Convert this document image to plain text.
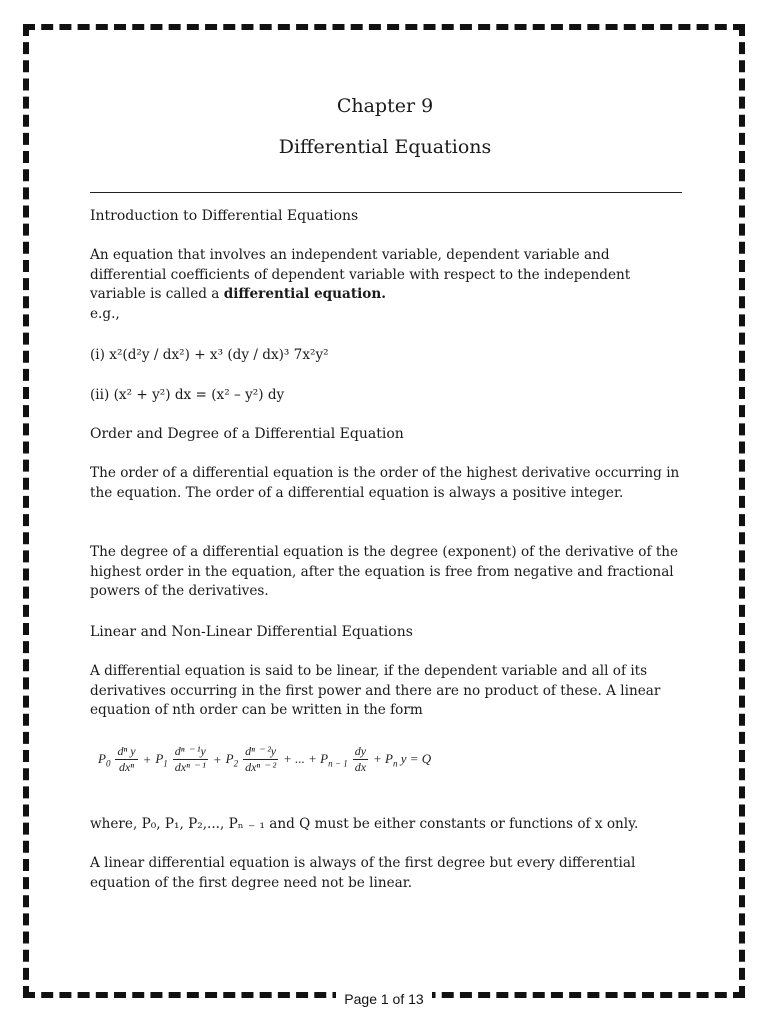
Chapter 9
Differential Equations
Introduction to Differential Equations
An equation that involves an independent variable, dependent variable and differential coefficients of dependent variable with respect to the independent variable is called a differential equation.
e.g.,
(i) x²(d²y / dx²) + x³ (dy / dx)³ 7x²y²
(ii) (x² + y²) dx = (x² – y²) dy
Order and Degree of a Differential Equation
The order of a differential equation is the order of the highest derivative occurring in the equation. The order of a differential equation is always a positive integer.
The degree of a differential equation is the degree (exponent) of the derivative of the highest order in the equation, after the equation is free from negative and fractional powers of the derivatives.
Linear and Non-Linear Differential Equations
A differential equation is said to be linear, if the dependent variable and all of its derivatives occurring in the first power and there are no product of these. A linear equation of nth order can be written in the form
$P_0 \frac{\text{dⁿ y}}{\text{dxⁿ}} + P_1 \frac{\text{dⁿ ⁻ ¹y}}{\text{dxⁿ ⁻ ¹}} + P_2 \frac{\text{dⁿ ⁻ ²y}}{\text{dxⁿ ⁻ ²}}$ + ... + $P_{n - 1} \frac{dy}{dx} + P_n$ y = Q
where, P₀, P₁, P₂,..., Pₙ ₋ ₁ and Q must be either constants or functions of x only.
A linear differential equation is always of the first degree but every differential equation of the first degree need not be linear.
Page 1 of 13
